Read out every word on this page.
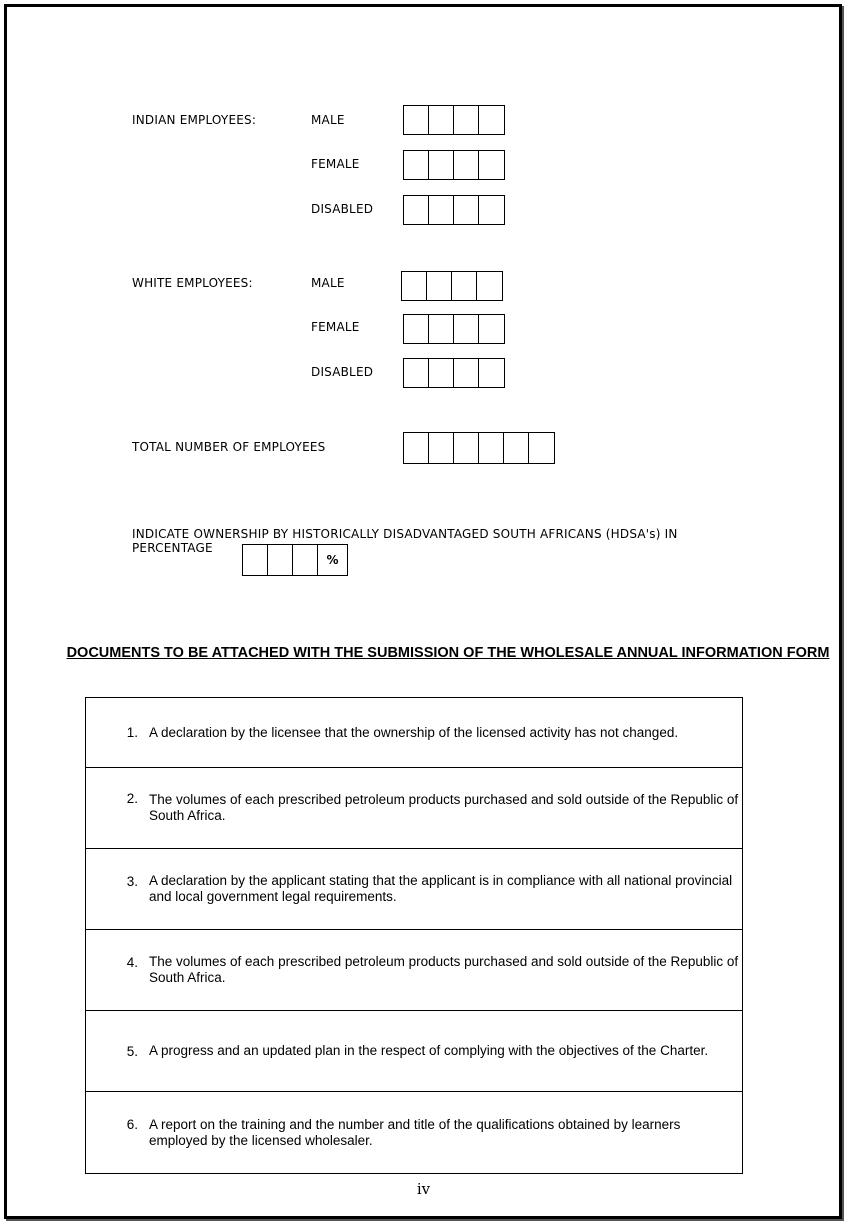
INDIAN EMPLOYEES:	MALE
FEMALE
DISABLED
WHITE EMPLOYEES:	MALE
FEMALE
DISABLED
TOTAL NUMBER OF EMPLOYEES
INDICATE OWNERSHIP BY HISTORICALLY DISADVANTAGED SOUTH AFRICANS (HDSA's) IN PERCENTAGE
%
DOCUMENTS TO BE ATTACHED WITH THE SUBMISSION OF THE WHOLESALE ANNUAL INFORMATION FORM
1. A declaration by the licensee that the ownership of the licensed activity has not changed.
2. The volumes of each prescribed petroleum products purchased and sold outside of the Republic of South Africa.
3. A declaration by the applicant stating that the applicant is in compliance with all national provincial and local government legal requirements.
4. The volumes of each prescribed petroleum products purchased and sold outside of the Republic of South Africa.
5. A progress and an updated plan in the respect of complying with the objectives of the Charter.
6. A report on the training and the number and title of the qualifications obtained by learners employed by the licensed wholesaler.
iv
